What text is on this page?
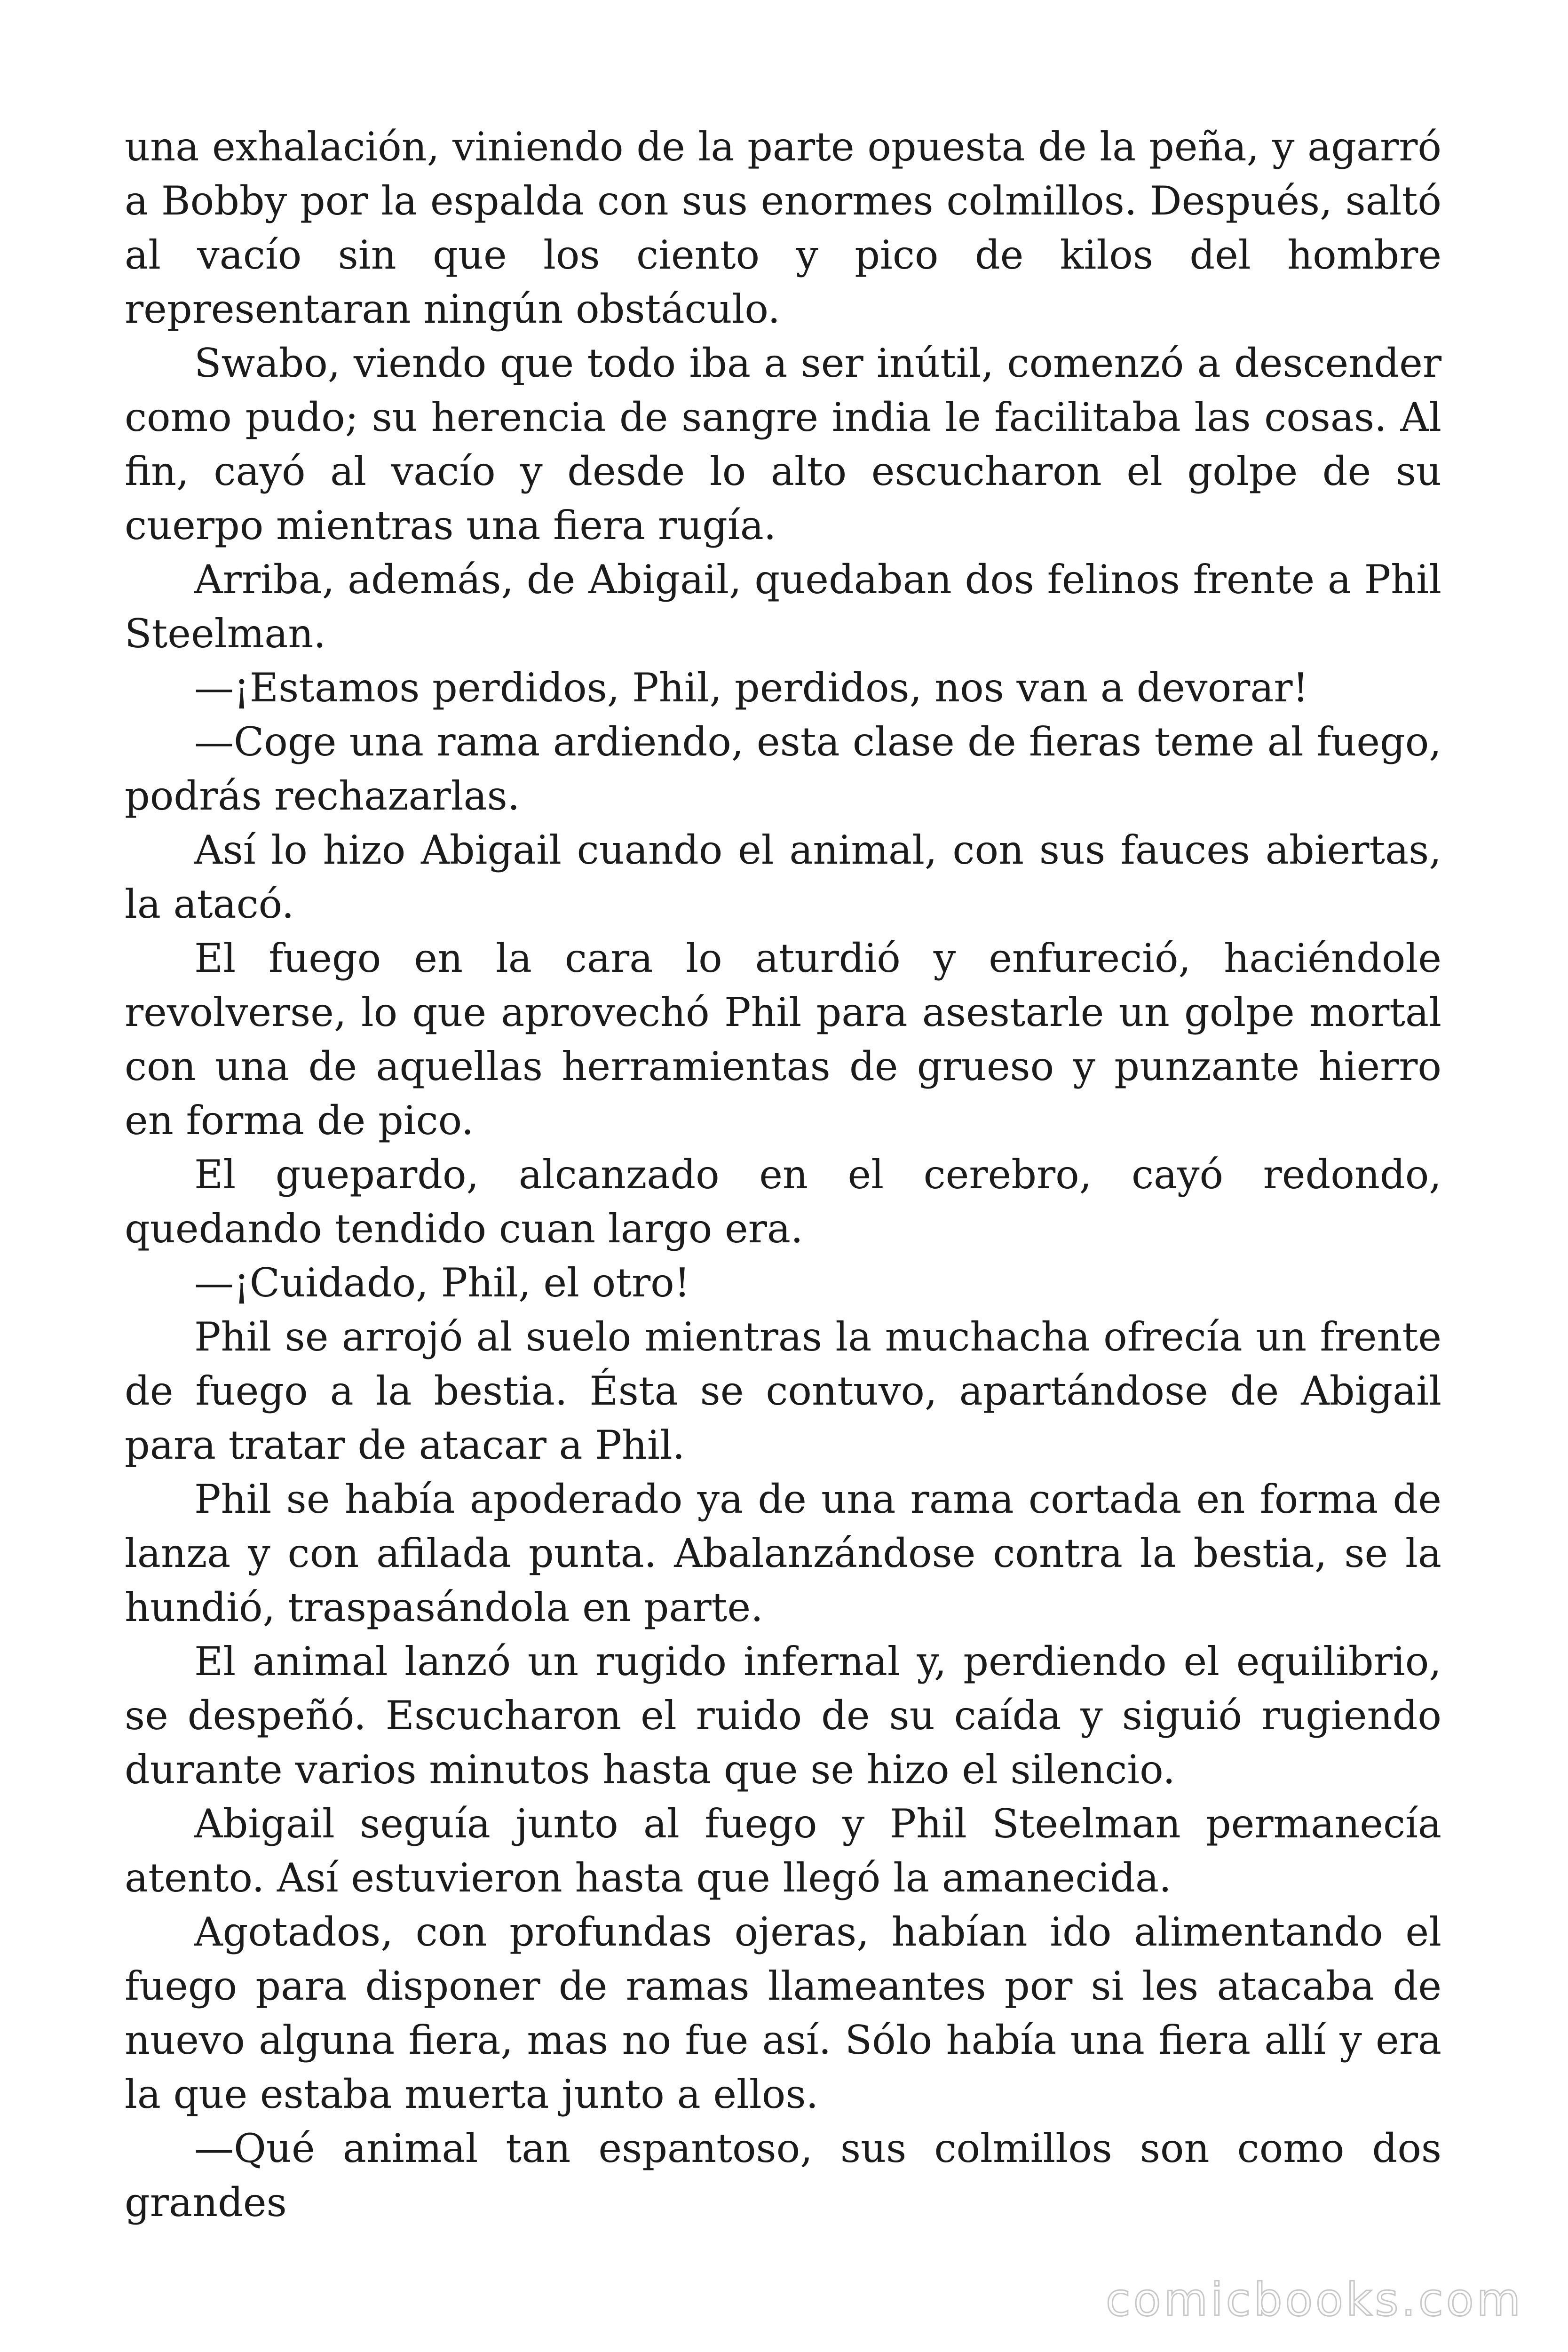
una exhalación, viniendo de la parte opuesta de la peña, y agarró a Bobby por la espalda con sus enormes colmillos. Después, saltó al vacío sin que los ciento y pico de kilos del hombre representaran ningún obstáculo.

Swabo, viendo que todo iba a ser inútil, comenzó a descender como pudo; su herencia de sangre india le facilitaba las cosas. Al fin, cayó al vacío y desde lo alto escucharon el golpe de su cuerpo mientras una fiera rugía.

Arriba, además, de Abigail, quedaban dos felinos frente a Phil Steelman.

—¡Estamos perdidos, Phil, perdidos, nos van a devorar!

—Coge una rama ardiendo, esta clase de fieras teme al fuego, podrás rechazarlas.

Así lo hizo Abigail cuando el animal, con sus fauces abiertas, la atacó.

El fuego en la cara lo aturdió y enfureció, haciéndole revolverse, lo que aprovechó Phil para asestarle un golpe mortal con una de aquellas herramientas de grueso y punzante hierro en forma de pico.

El guepardo, alcanzado en el cerebro, cayó redondo, quedando tendido cuan largo era.

—¡Cuidado, Phil, el otro!

Phil se arrojó al suelo mientras la muchacha ofrecía un frente de fuego a la bestia. Ésta se contuvo, apartándose de Abigail para tratar de atacar a Phil.

Phil se había apoderado ya de una rama cortada en forma de lanza y con afilada punta. Abalanzándose contra la bestia, se la hundió, traspasándola en parte.

El animal lanzó un rugido infernal y, perdiendo el equilibrio, se despeñó. Escucharon el ruido de su caída y siguió rugiendo durante varios minutos hasta que se hizo el silencio.

Abigail seguía junto al fuego y Phil Steelman permanecía atento. Así estuvieron hasta que llegó la amanecida.

Agotados, con profundas ojeras, habían ido alimentando el fuego para disponer de ramas llameantes por si les atacaba de nuevo alguna fiera, mas no fue así. Sólo había una fiera allí y era la que estaba muerta junto a ellos.

—Qué animal tan espantoso, sus colmillos son como dos grandes

comicbooks.com
